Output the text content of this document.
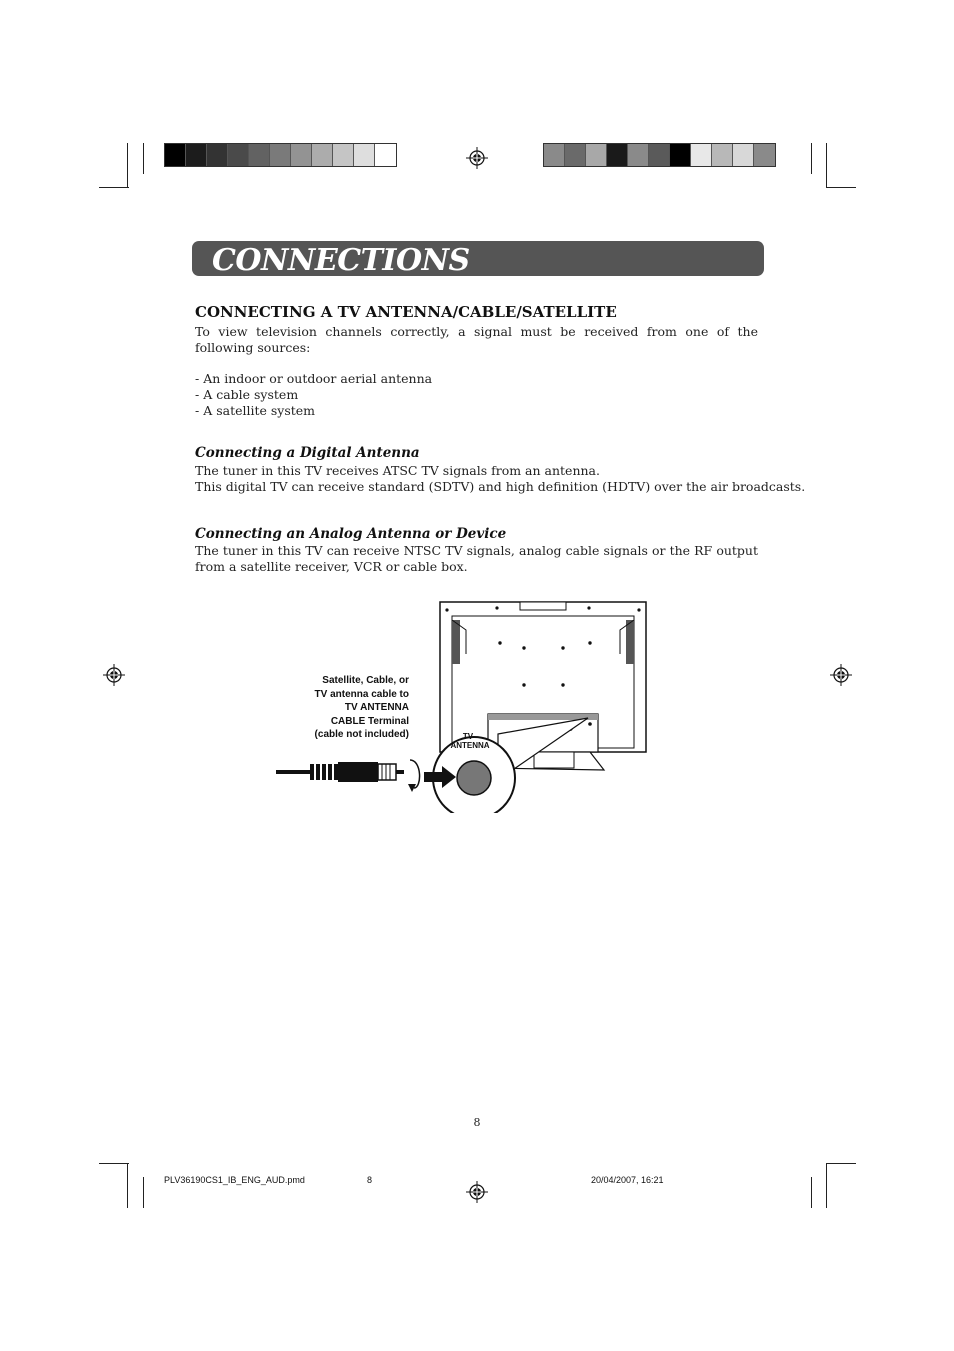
CONNECTIONS
CONNECTING A TV ANTENNA/CABLE/SATELLITE
To view television channels correctly, a signal must be received from one of the following sources:
- An indoor or outdoor aerial antenna
- A cable system
- A satellite system
Connecting a Digital Antenna
The tuner in this TV receives ATSC TV signals from an antenna.
This digital TV can receive standard (SDTV) and high definition (HDTV) over the air broadcasts.
Connecting an Analog Antenna or Device
The tuner in this TV can receive NTSC TV signals, analog cable signals or the RF output from a satellite receiver, VCR or cable box.
Satellite, Cable, or
TV antenna cable to
TV ANTENNA
CABLE Terminal
(cable not included)	TV
ANTENNA
8
PLV36190CS1_IB_ENG_AUD.pmd	8	20/04/2007, 16:21
